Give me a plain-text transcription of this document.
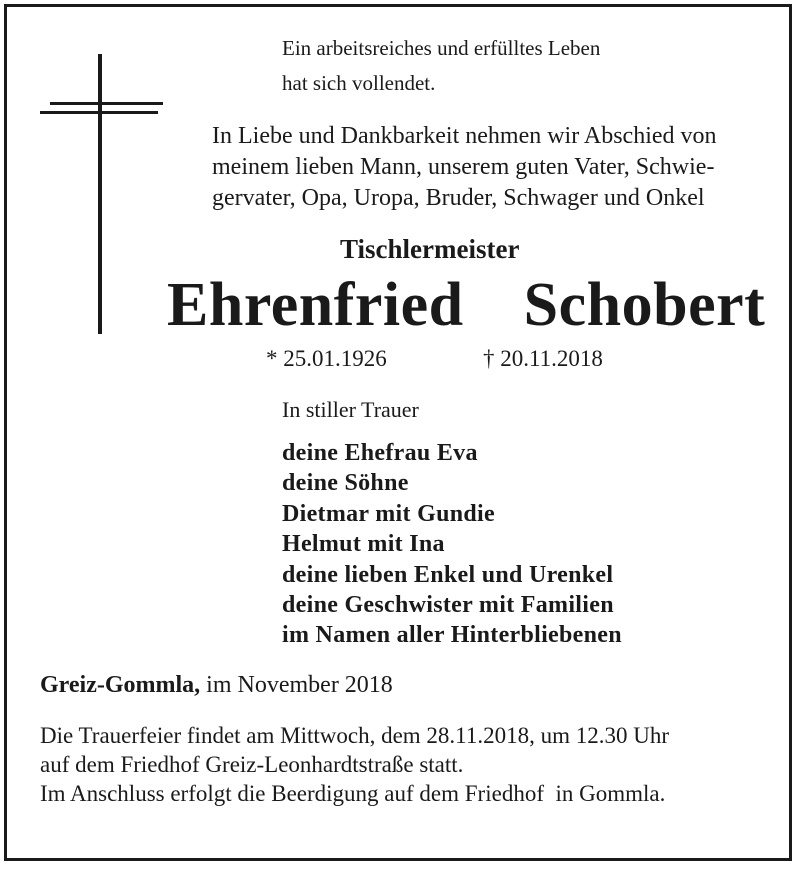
Ein arbeitsreiches und erfülltes Leben
hat sich vollendet.
In Liebe und Dankbarkeit nehmen wir Abschied von
meinem lieben Mann, unserem guten Vater, Schwie-
gervater, Opa, Uropa, Bruder, Schwager und Onkel
Tischlermeister
Ehrenfried  Schobert
* 25.01.1926	† 20.11.2018
In stiller Trauer
deine Ehefrau Eva
deine Söhne
Dietmar mit Gundie
Helmut mit Ina
deine lieben Enkel und Urenkel
deine Geschwister mit Familien
im Namen aller Hinterbliebenen
Greiz-Gommla, im November 2018
Die Trauerfeier findet am Mittwoch, dem 28.11.2018, um 12.30 Uhr
auf dem Friedhof Greiz-Leonhardtstraße statt.
Im Anschluss erfolgt die Beerdigung auf dem Friedhof  in Gommla.
